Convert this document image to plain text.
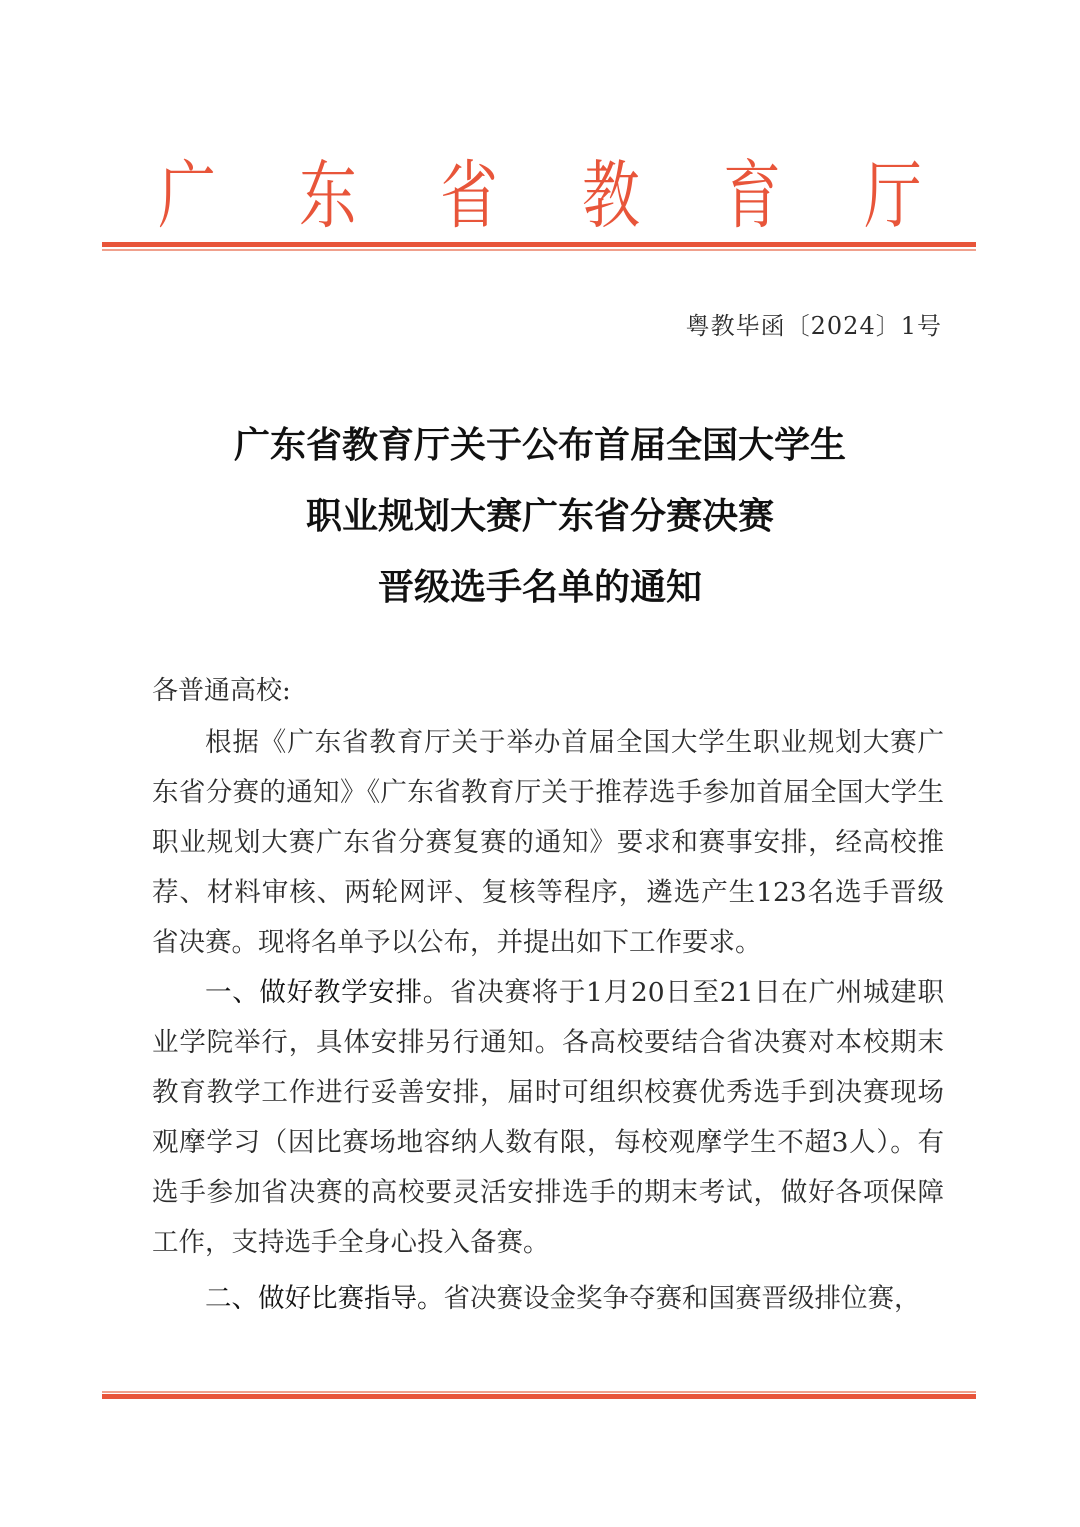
广 东 省 教 育 厅
粤教毕函〔2024〕1号
广东省教育厅关于公布首届全国大学生
职业规划大赛广东省分赛决赛
晋级选手名单的通知
各普通高校:

根据《广东省教育厅关于举办首届全国大学生职业规划大赛广东省分赛的通知》《广东省教育厅关于推荐选手参加首届全国大学生职业规划大赛广东省分赛复赛的通知》要求和赛事安排，经高校推荐、材料审核、两轮网评、复核等程序，遴选产生123名选手晋级省决赛。现将名单予以公布，并提出如下工作要求。

一、做好教学安排。省决赛将于1月20日至21日在广州城建职业学院举行，具体安排另行通知。各高校要结合省决赛对本校期末教育教学工作进行妥善安排，届时可组织校赛优秀选手到决赛现场观摩学习（因比赛场地容纳人数有限，每校观摩学生不超3人）。有选手参加省决赛的高校要灵活安排选手的期末考试，做好各项保障工作，支持选手全身心投入备赛。

二、做好比赛指导。省决赛设金奖争夺赛和国赛晋级排位赛，
